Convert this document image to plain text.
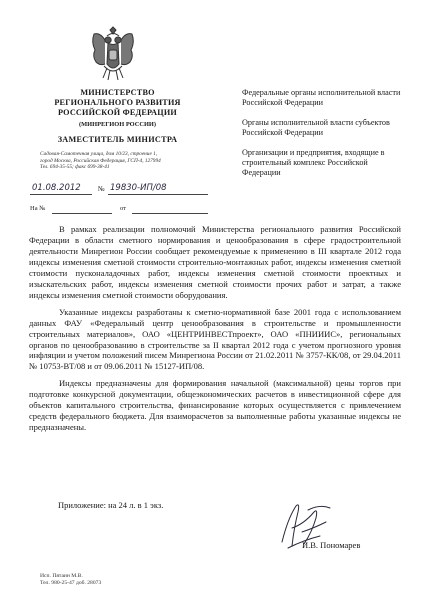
МИНИСТЕРСТВО
РЕГИОНАЛЬНОГО РАЗВИТИЯ
РОССИЙСКОЙ ФЕДЕРАЦИИ
(МИНРЕГИОН РОССИИ)
ЗАМЕСТИТЕЛЬ МИНИСТРА
Садовая-Самотечная улица, дом 10/23, строение 1,
город Москва, Российская Федерация, ГСП-4, 127994
Тел. 694-35-55; факс 699-38-41
01.08.2012 № 19830-ИП/08
На №	от

Федеральные органы исполнительной власти Российской Федерации

Органы исполнительной власти субъектов Российской Федерации

Организации и предприятия, входящие в строительный комплекс Российской Федерации

В рамках реализации полномочий Министерства регионального развития Российской Федерации в области сметного нормирования и ценообразования в сфере градостроительной деятельности Минрегион России сообщает рекомендуемые к применению в III квартале 2012 года индексы изменения сметной стоимости строительно-монтажных работ, индексы изменения сметной стоимости пусконаладочных работ, индексы изменения сметной стоимости проектных и изыскательских работ, индексы изменения сметной стоимости прочих работ и затрат, а также индексы изменения сметной стоимости оборудования.

Указанные индексы разработаны к сметно-нормативной базе 2001 года с использованием данных ФАУ «Федеральный центр ценообразования в строительстве и промышленности строительных материалов», ОАО «ЦЕНТРИНВЕСТпроект», ОАО «ПНИИИС», региональных органов по ценообразованию в строительстве за II квартал 2012 года с учетом прогнозного уровня инфляции и учетом положений писем Минрегиона России от 21.02.2011 № 3757-КК/08, от 29.04.2011 № 10753-ВТ/08 и от 09.06.2011 № 15127-ИП/08.

Индексы предназначены для формирования начальной (максимальной) цены торгов при подготовке конкурсной документации, общеэкономических расчетов в инвестиционной сфере для объектов капитального строительства, финансирование которых осуществляется с привлечением средств федерального бюджета. Для взаиморасчетов за выполненные работы указанные индексы не предназначены.

Приложение: на 24 л. в 1 экз.
И.В. Пономарев
Исп. Пятаин М.В.
Тел. 980-25-47 доб. 28073
